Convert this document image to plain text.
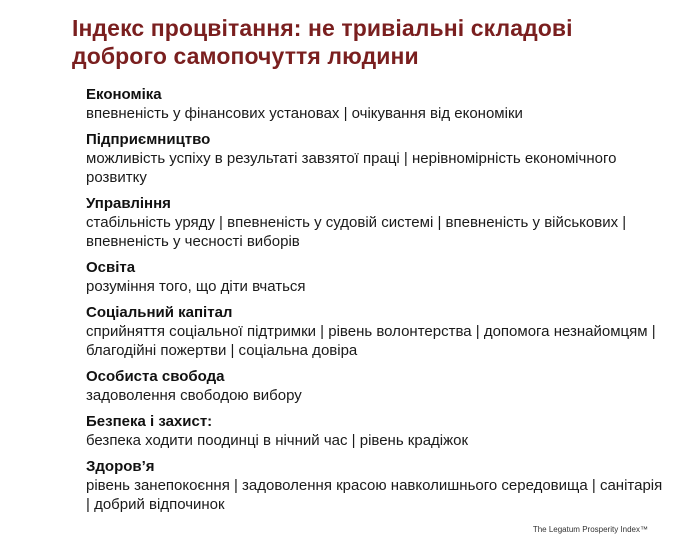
Індекс процвітання: не тривіальні складові доброго самопочуття людини
Економіка
впевненість у фінансових установах | очікування від економіки
Підприємництво
можливість успіху в результаті завзятої праці | нерівномірність економічного розвитку
Управління
стабільність уряду | впевненість у судовій системі | впевненість у військових | впевненість у чесності виборів
Освіта
розуміння того, що діти вчаться
Соціальний капітал
сприйняття соціальної підтримки | рівень волонтерства | допомога незнайомцям | благодійні пожертви | соціальна довіра
Особиста свобода
задоволення свободою вибору
Безпека і захист:
безпека ходити поодинці в нічний час | рівень крадіжок
Здоров’я
рівень занепокоєння | задоволення красою навколишнього середовища | санітарія | добрий відпочинок
The Legatum Prosperity Index™
